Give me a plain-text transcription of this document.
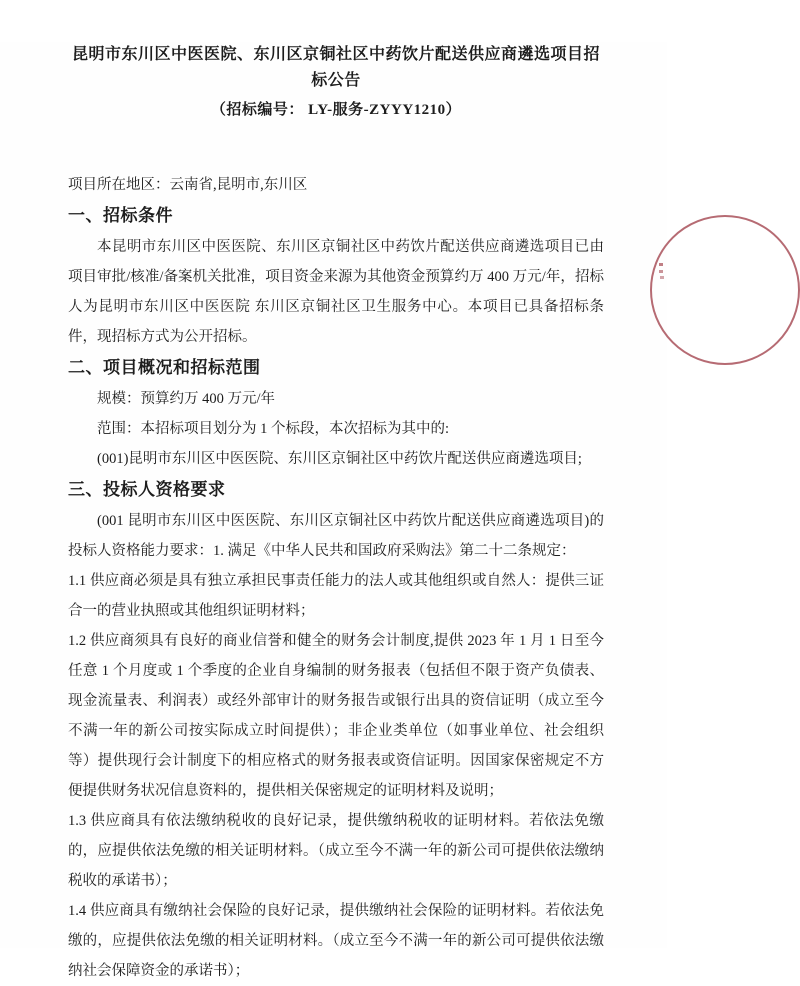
昆明市东川区中医医院、东川区京铜社区中药饮片配送供应商遴选项目招标公告
（招标编号： LY-服务-ZYYY1210）
项目所在地区：云南省,昆明市,东川区
一、招标条件

本昆明市东川区中医医院、东川区京铜社区中药饮片配送供应商遴选项目已由项目审批/核准/备案机关批准，项目资金来源为其他资金预算约万 400 万元/年，招标人为昆明市东川区中医医院 东川区京铜社区卫生服务中心。本项目已具备招标条件，现招标方式为公开招标。

二、项目概况和招标范围

规模：预算约万 400 万元/年

范围：本招标项目划分为 1 个标段，本次招标为其中的:

(001)昆明市东川区中医医院、东川区京铜社区中药饮片配送供应商遴选项目;

三、投标人资格要求

(001 昆明市东川区中医医院、东川区京铜社区中药饮片配送供应商遴选项目)的投标人资格能力要求：1. 满足《中华人民共和国政府采购法》第二十二条规定：

1.1 供应商必须是具有独立承担民事责任能力的法人或其他组织或自然人：提供三证合一的营业执照或其他组织证明材料；

1.2 供应商须具有良好的商业信誉和健全的财务会计制度,提供 2023 年 1 月 1 日至今任意 1 个月度或 1 个季度的企业自身编制的财务报表（包括但不限于资产负债表、现金流量表、利润表）或经外部审计的财务报告或银行出具的资信证明（成立至今不满一年的新公司按实际成立时间提供）；非企业类单位（如事业单位、社会组织等）提供现行会计制度下的相应格式的财务报表或资信证明。因国家保密规定不方便提供财务状况信息资料的，提供相关保密规定的证明材料及说明；

1.3 供应商具有依法缴纳税收的良好记录，提供缴纳税收的证明材料。若依法免缴的，应提供依法免缴的相关证明材料。（成立至今不满一年的新公司可提供依法缴纳税收的承诺书）；

1.4 供应商具有缴纳社会保险的良好记录，提供缴纳社会保险的证明材料。若依法免缴的，应提供依法免缴的相关证明材料。（成立至今不满一年的新公司可提供依法缴纳社会保障资金的承诺书）；
